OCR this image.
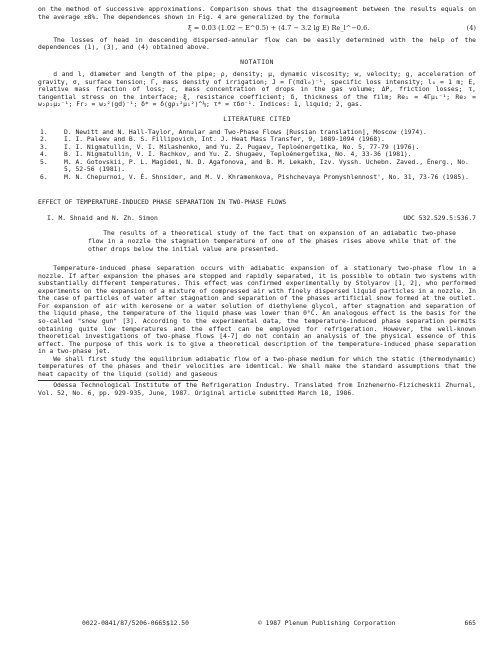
on the method of successive approximations. Comparison shows that the disagreement between the results equals on the average ±8%. The dependences shown in Fig. 4 are generalized by the formula

ξ = 0.03 (1.02 − E^0.5) + (4.7 − 3.2 lg E) Re_l^−0.6.	(4)

The losses of head in descending dispersed-annular flow can be easily determined with the help of the dependences (1), (3), and (4) obtained above.

NOTATION

d and l, diameter and length of the pipe; ρ, density; μ, dynamic viscosity; w, velocity; g, acceleration of gravity, σ, surface tension; Γ, mass density of irrigation; J = Γ(πdl₀)⁻¹, specific loss intensity; l₀ = 1 m; E, relative mass fraction of loss; c, mass concentration of drops in the gas volume; ΔP, friction losses; τ, tangential stress on the interface; ξ, resistance coefficient; δ, thickness of the film; Re₁ = 4Γμ₁⁻¹; Re₂ = w₂ρ₂μ₂⁻¹; Fr₂ = w₂²(gd)⁻¹; δ* = δ(gρ₁²μ₁²)^⅓; τ* = τδσ⁻¹. Indices: 1, liquid; 2, gas.

LITERATURE CITED
1.	D. Newitt and N. Hall-Taylor, Annular and Two-Phase Flows [Russian translation], Moscow (1974).
2.	I. I. Paleev and B. S. Fillipovich, Int. J. Heat Mass Transfer, 9, 1089-1094 (1968).
3.	I. I. Nigmatullin, V. I. Milashenko, and Yu. Z. Pugaev, Teploénergetika, No. 5, 77-79 (1976).
4.	B. I. Nigmatullin, V. I. Rachkov, and Yu. Z. Shugaev, Teploénergetika, No. 4, 33-36 (1981).
5.	M. A. Gotovskii, P. L. Magidei, N. D. Agafonova, and B. M. Lekakh, Izv. Vyssh. Uchebn. Zaved., Énerg., No. 5, 52-56 (1981).
6.	M. N. Chepurnoi, V. É. Shnsider, and M. V. Khramenkova, Pishchevaya Promyshlennost', No. 31, 73-76 (1985).
EFFECT OF TEMPERATURE-INDUCED PHASE SEPARATION IN TWO-PHASE FLOWS
I. M. Shnaid and N. Zh. Simon	UDC 532.529.5:536.7

The results of a theoretical study of the fact that on expansion of an adiabatic two-phase flow in a nozzle the stagnation temperature of one of the phases rises above while that of the other drops below the initial value are presented.

Temperature-induced phase separation occurs with adiabatic expansion of a stationary two-phase flow in a nozzle. If after expansion the phases are stopped and rapidly separated, it is possible to obtain two systems with substantially different temperatures. This effect was confirmed experimentally by Stolyarov [1, 2], who performed experiments on the expansion of a mixture of compressed air with finely dispersed liquid particles in a nozzle. In the case of particles of water after stagnation and separation of the phases artificial snow formed at the outlet. For expansion of air with kerosene or a water solution of diethylene glycol, after stagnation and separation of the liquid phase, the temperature of the liquid phase was lower than 0°C. An analogous effect is the basis for the so-called "snow gun" [3]. According to the experimental data, the temperature-induced phase separation permits obtaining quite low temperatures and the effect can be employed for refrigeration. However, the well-known theoretical investigations of two-phase flows [4-7] do not contain an analysis of the physical essence of this effect. The purpose of this work is to give a theoretical description of the temperature-induced phase separation in a two-phase jet.

We shall first study the equilibrium adiabatic flow of a two-phase medium for which the static (thermodynamic) temperatures of the phases and their velocities are identical. We shall make the standard assumptions that the heat capacity of the liquid (solid) and gaseous

Odessa Technological Institute of the Refrigeration Industry. Translated from Inzhenerno-Fizicheskii Zhurnal, Vol. 52, No. 6, pp. 929-935, June, 1987. Original article submitted March 18, 1986.

0022-0841/87/5206-0665$12.50	© 1987 Plenum Publishing Corporation	665
